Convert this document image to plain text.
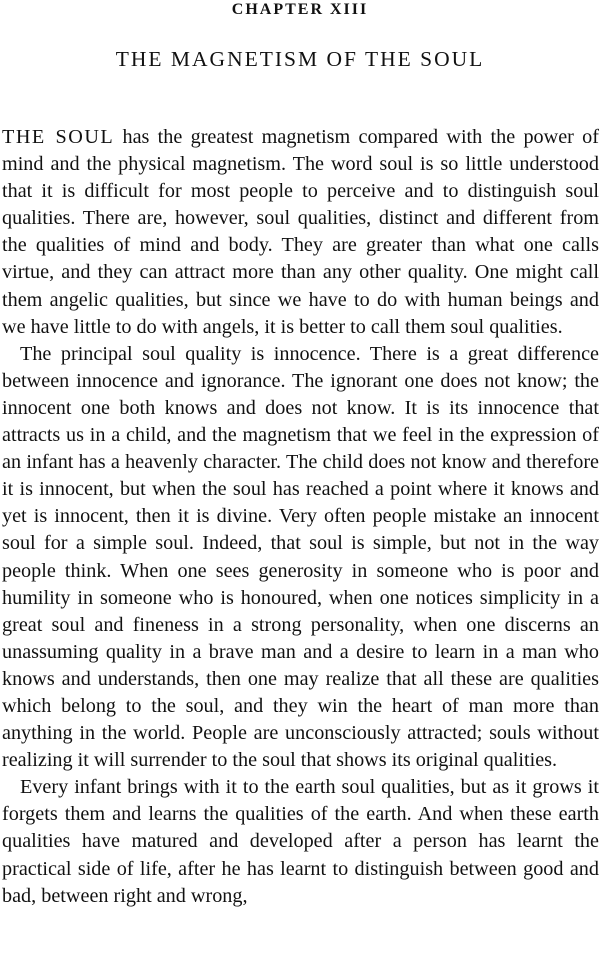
CHAPTER XIII
THE MAGNETISM OF THE SOUL

THE SOUL has the greatest magnetism compared with the power of mind and the physical magnetism. The word soul is so little understood that it is difficult for most people to perceive and to distinguish soul qualities. There are, however, soul qualities, distinct and different from the qualities of mind and body. They are greater than what one calls virtue, and they can attract more than any other quality. One might call them angelic qualities, but since we have to do with human beings and we have little to do with angels, it is better to call them soul qualities.

The principal soul quality is innocence. There is a great difference between innocence and ignorance. The ignorant one does not know; the innocent one both knows and does not know. It is its innocence that attracts us in a child, and the magnetism that we feel in the expression of an infant has a heavenly character. The child does not know and therefore it is innocent, but when the soul has reached a point where it knows and yet is innocent, then it is divine. Very often people mistake an innocent soul for a simple soul. Indeed, that soul is simple, but not in the way people think. When one sees generosity in someone who is poor and humility in someone who is honoured, when one notices simplicity in a great soul and fineness in a strong personality, when one discerns an unassuming quality in a brave man and a desire to learn in a man who knows and understands, then one may realize that all these are qualities which belong to the soul, and they win the heart of man more than anything in the world. People are unconsciously attracted; souls without realizing it will surrender to the soul that shows its original qualities.

Every infant brings with it to the earth soul qualities, but as it grows it forgets them and learns the qualities of the earth. And when these earth qualities have matured and developed after a person has learnt the practical side of life, after he has learnt to distinguish between good and bad, between right and wrong,
